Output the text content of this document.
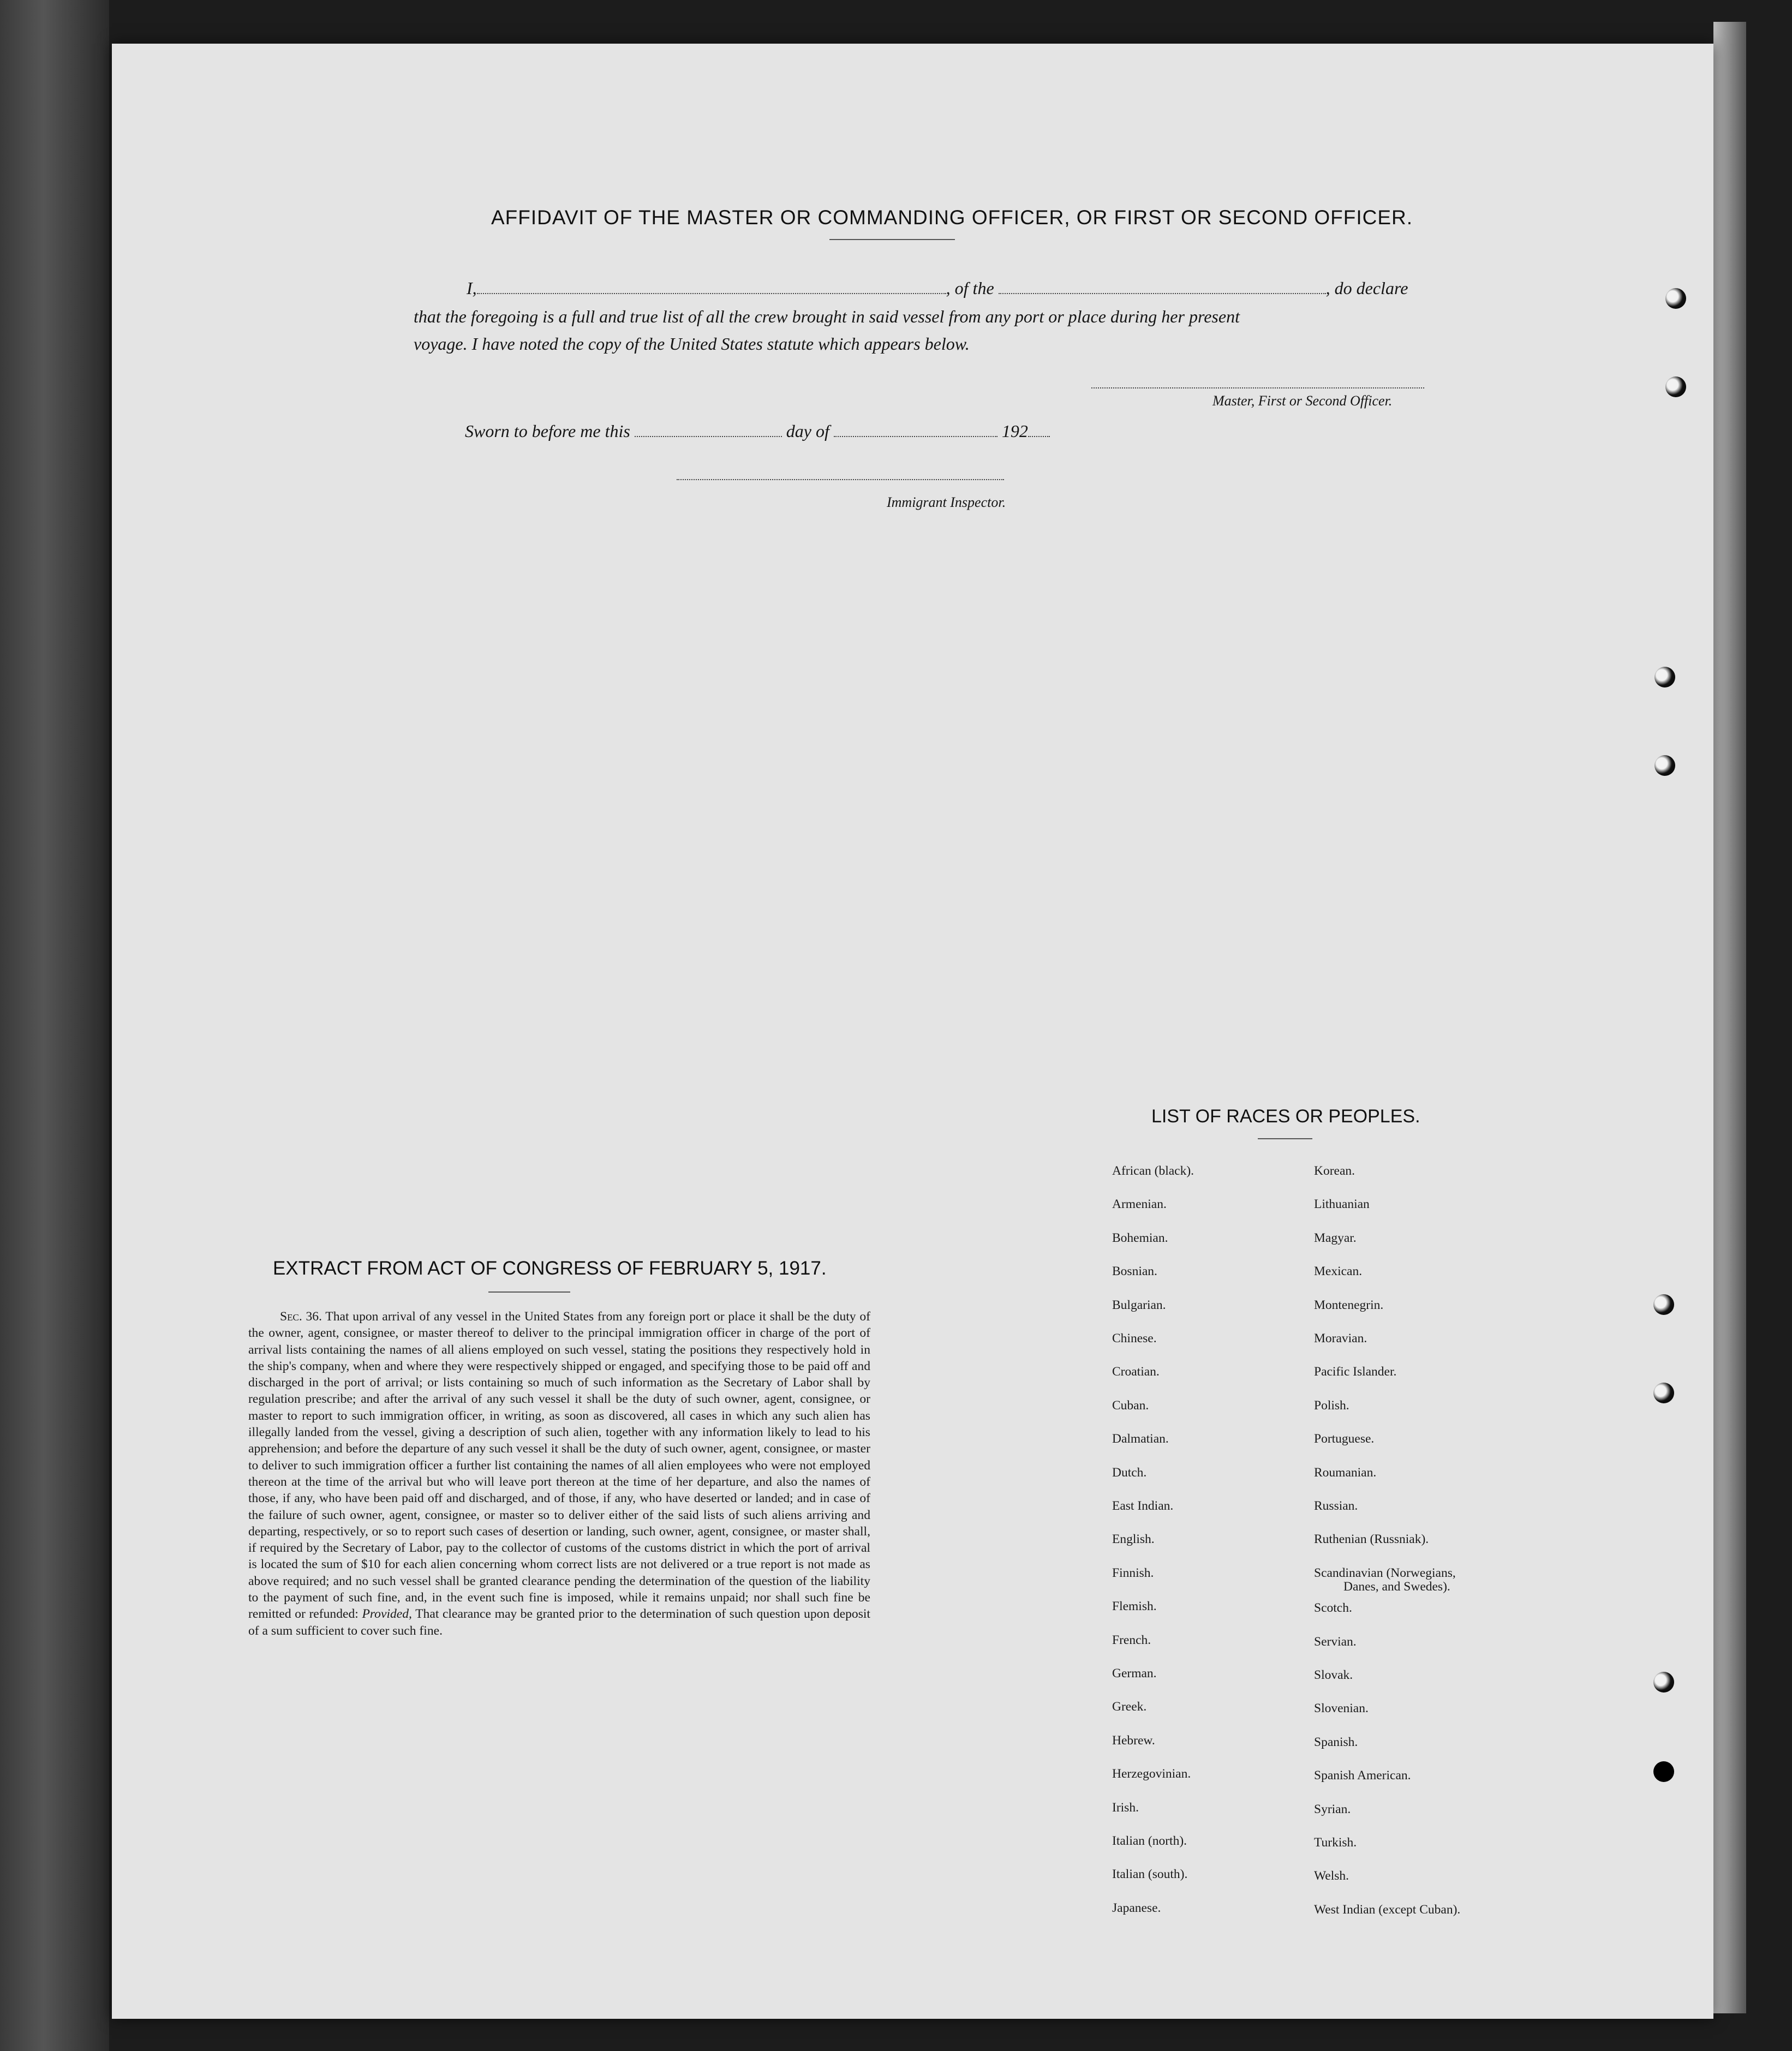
AFFIDAVIT OF THE MASTER OR COMMANDING OFFICER, OR FIRST OR SECOND OFFICER.
I,	, of the	, do declare
that the foregoing is a full and true list of all the crew brought in said vessel from any port or place during her present
voyage. I have noted the copy of the United States statute which appears below.
Master, First or Second Officer.
Sworn to before me this	day of	192
Immigrant Inspector.
EXTRACT FROM ACT OF CONGRESS OF FEBRUARY 5, 1917.
Sec. 36. That upon arrival of any vessel in the United States from any foreign port or place it shall be the duty of the owner, agent, consignee, or master thereof to deliver to the principal immigration officer in charge of the port of arrival lists containing the names of all aliens employed on such vessel, stating the positions they respectively hold in the ship's company, when and where they were respectively shipped or engaged, and specifying those to be paid off and discharged in the port of arrival; or lists containing so much of such information as the Secretary of Labor shall by regulation prescribe; and after the arrival of any such vessel it shall be the duty of such owner, agent, consignee, or master to report to such immigration officer, in writing, as soon as discovered, all cases in which any such alien has illegally landed from the vessel, giving a description of such alien, together with any information likely to lead to his apprehension; and before the departure of any such vessel it shall be the duty of such owner, agent, consignee, or master to deliver to such immigration officer a further list containing the names of all alien employees who were not employed thereon at the time of the arrival but who will leave port thereon at the time of her departure, and also the names of those, if any, who have been paid off and discharged, and of those, if any, who have deserted or landed; and in case of the failure of such owner, agent, consignee, or master so to deliver either of the said lists of such aliens arriving and departing, respectively, or so to report such cases of desertion or landing, such owner, agent, consignee, or master shall, if required by the Secretary of Labor, pay to the collector of customs of the customs district in which the port of arrival is located the sum of $10 for each alien concerning whom correct lists are not delivered or a true report is not made as above required; and no such vessel shall be granted clearance pending the determination of the question of the liability to the payment of such fine, and, in the event such fine is imposed, while it remains unpaid; nor shall such fine be remitted or refunded: Provided, That clearance may be granted prior to the determination of such question upon deposit of a sum sufficient to cover such fine.
LIST OF RACES OR PEOPLES.
African (black).
Armenian.
Bohemian.
Bosnian.
Bulgarian.
Chinese.
Croatian.
Cuban.
Dalmatian.
Dutch.
East Indian.
English.
Finnish.
Flemish.
French.
German.
Greek.
Hebrew.
Herzegovinian.
Irish.
Italian (north).
Italian (south).
Japanese.
Korean.
Lithuanian
Magyar.
Mexican.
Montenegrin.
Moravian.
Pacific Islander.
Polish.
Portuguese.
Roumanian.
Russian.
Ruthenian (Russniak).
Scandinavian (Norwegians,
Scotch.
Servian.
Slovak.
Slovenian.
Spanish.
Spanish American.
Syrian.
Turkish.
Welsh.
West Indian (except Cuban).
Danes, and Swedes).
